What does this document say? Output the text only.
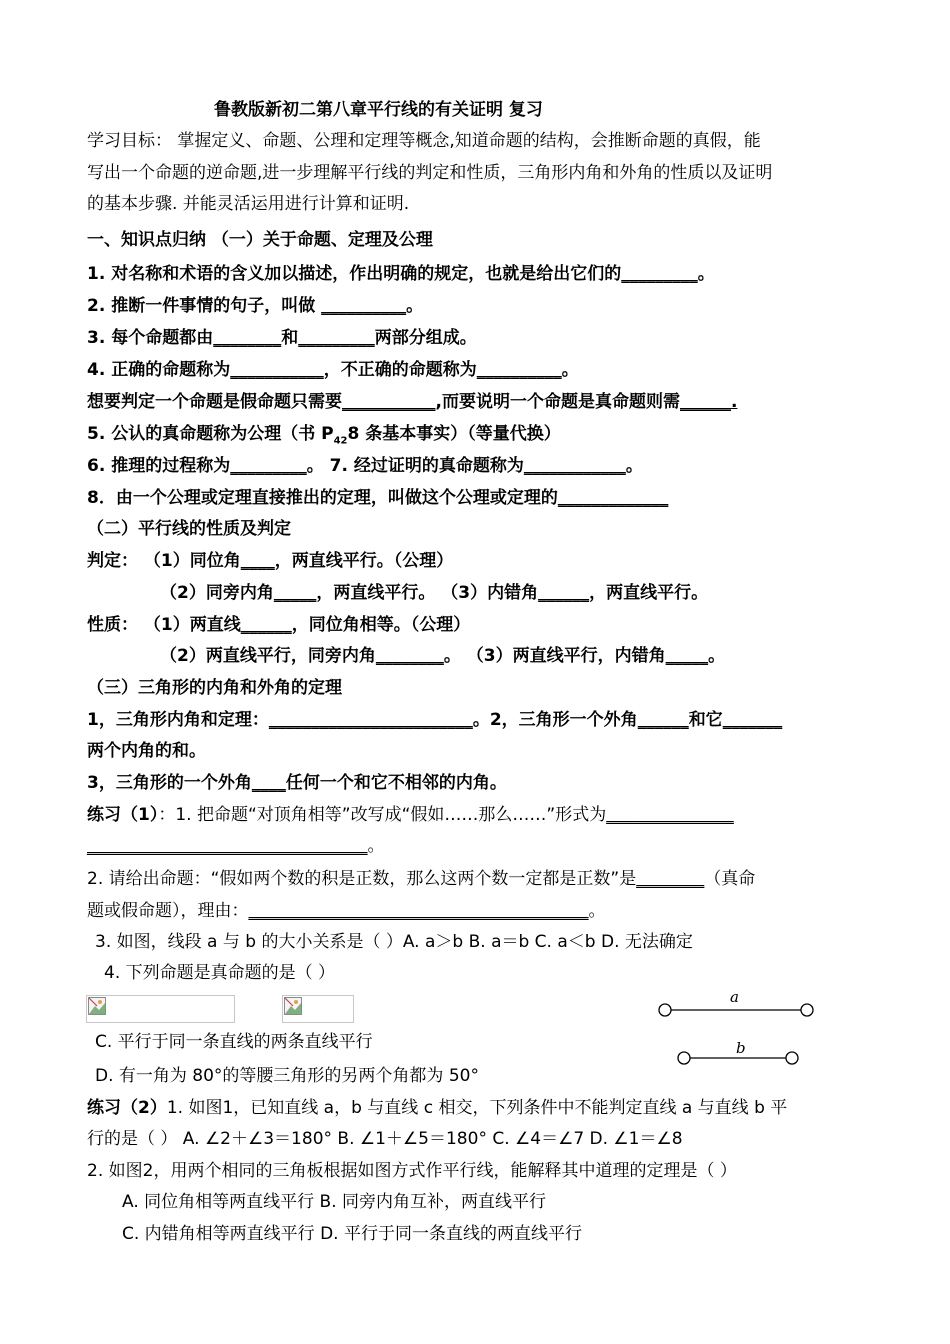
鲁教版新初二第八章平行线的有关证明 复习
学习目标： 掌握定义、命题、公理和定理等概念,知道命题的结构，会推断命题的真假，能
写出一个命题的逆命题,进一步理解平行线的判定和性质，三角形内角和外角的性质以及证明
的基本步骤. 并能灵活运用进行计算和证明.
一、知识点归纳 （一）关于命题、定理及公理
1. 对名称和术语的含义加以描述，作出明确的规定，也就是给出它们的_________。
2. 推断一件事情的句子，叫做 __________。
3. 每个命题都由________和_________两部分组成。
4. 正确的命题称为___________，不正确的命题称为__________。
想要判定一个命题是假命题只需要___________,而要说明一个命题是真命题则需______.
5. 公认的真命题称为公理（书 $P_{42}8$ 条基本事实）（等量代换）
6. 推理的过程称为_________。 7. 经过证明的真命题称为____________。
8．由一个公理或定理直接推出的定理，叫做这个公理或定理的_____________
（二）平行线的性质及判定
判定： （1）同位角____，两直线平行。（公理）
（2）同旁内角_____，两直线平行。 （3）内错角______，两直线平行。
性质： （1）两直线______，同位角相等。（公理）
（2）两直线平行，同旁内角________。 （3）两直线平行，内错角_____。
（三）三角形的内角和外角的定理
1，三角形内角和定理：________________________。2，三角形一个外角______和它_______
两个内角的和。
3，三角形的一个外角____任何一个和它不相邻的内角。
练习（1）：1. 把命题“对顶角相等”改写成“假如……那么……”形式为_______________
_________________________________。
2. 请给出命题：“假如两个数的积是正数，那么这两个数一定都是正数”是________（真命
题或假命题），理由：________________________________________。
3. 如图，线段 a 与 b 的大小关系是（ ）A. a＞b B. a＝b C. a＜b D. 无法确定
4. 下列命题是真命题的是（ ）
C. 平行于同一条直线的两条直线平行
D. 有一角为 80°的等腰三角形的另两个角都为 50°
a
b
练习（2）1. 如图1，已知直线 a，b 与直线 c 相交，下列条件中不能判定直线 a 与直线 b 平
行的是（ ） A. ∠2＋∠3＝180° B. ∠1＋∠5＝180° C. ∠4＝∠7 D. ∠1＝∠8
2. 如图2，用两个相同的三角板根据如图方式作平行线，能解释其中道理的定理是（ ）
A. 同位角相等两直线平行 B. 同旁内角互补，两直线平行
C. 内错角相等两直线平行 D. 平行于同一条直线的两直线平行
